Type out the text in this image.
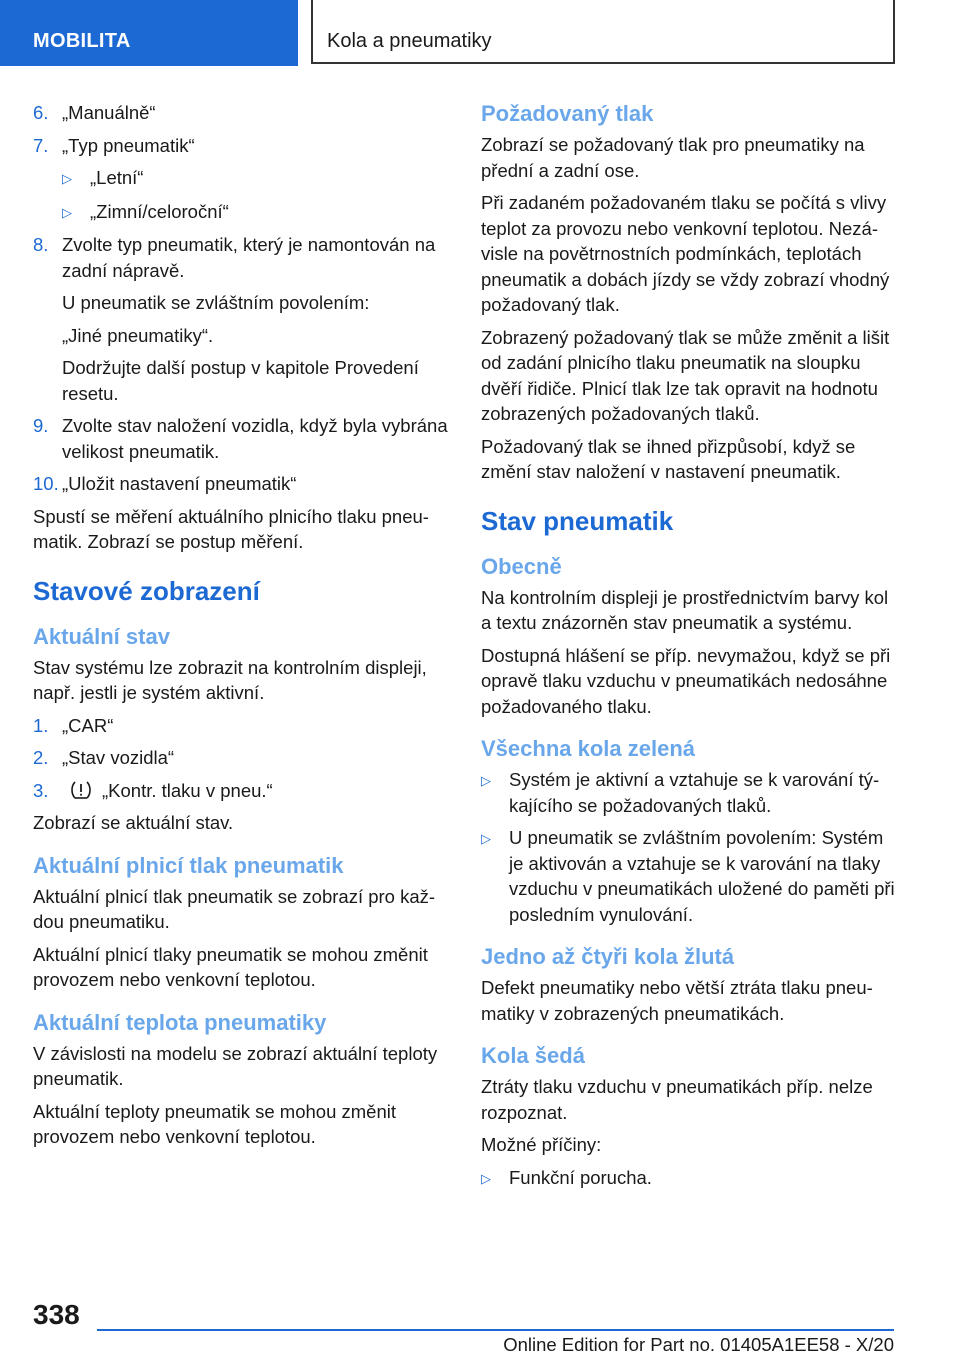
MOBILITA	Kola a pneumatiky
6. „Manuálně“
7. „Typ pneumatik“
▷ „Letní“
▷ „Zimní/celoroční“
8. Zvolte typ pneumatik, který je namontován na zadní nápravě.

U pneumatik se zvláštním povolením:

„Jiné pneumatiky“.

Dodržujte další postup v kapitole Provedení resetu.

9. Zvolte stav naložení vozidla, když byla vybrána velikost pneumatik.
10. „Uložit nastavení pneumatik“

Spustí se měření aktuálního plnicího tlaku pneumatik. Zobrazí se postup měření.

Stavové zobrazení
Aktuální stav

Stav systému lze zobrazit na kontrolním displeji, např. jestli je systém aktivní.

1. „CAR“
2. „Stav vozidla“
3.	„Kontr. tlaku v pneu.“

Zobrazí se aktuální stav.

Aktuální plnicí tlak pneumatik

Aktuální plnicí tlak pneumatik se zobrazí pro každou pneumatiku.

Aktuální plnicí tlaky pneumatik se mohou změnit provozem nebo venkovní teplotou.

Aktuální teplota pneumatiky

V závislosti na modelu se zobrazí aktuální teploty pneumatik.

Aktuální teploty pneumatik se mohou změnit provozem nebo venkovní teplotou.

Požadovaný tlak

Zobrazí se požadovaný tlak pro pneumatiky na přední a zadní ose.

Při zadaném požadovaném tlaku se počítá s vlivy teplot za provozu nebo venkovní teplotou. Nezávisle na povětrnostních podmínkách, teplotách pneumatik a dobách jízdy se vždy zobrazí vhodný požadovaný tlak.

Zobrazený požadovaný tlak se může změnit a lišit od zadání plnicího tlaku pneumatik na sloupku dvěří řidiče. Plnicí tlak lze tak opravit na hodnotu zobrazených požadovaných tlaků.

Požadovaný tlak se ihned přizpůsobí, když se změní stav naložení v nastavení pneumatik.

Stav pneumatik
Obecně

Na kontrolním displeji je prostřednictvím barvy kol a textu znázorněn stav pneumatik a systému.

Dostupná hlášení se příp. nevymažou, když se při opravě tlaku vzduchu v pneumatikách nedosáhne požadovaného tlaku.

Všechna kola zelená
▷ Systém je aktivní a vztahuje se k varování týkajícího se požadovaných tlaků.
▷ U pneumatik se zvláštním povolením: Systém je aktivován a vztahuje se k varování na tlaky vzduchu v pneumatikách uložené do paměti při posledním vynulování.
Jedno až čtyři kola žlutá

Defekt pneumatiky nebo větší ztráta tlaku pneumatiky v zobrazených pneumatikách.

Kola šedá

Ztráty tlaku vzduchu v pneumatikách příp. nelze rozpoznat.

Možné příčiny:

▷ Funkční porucha.
338
Online Edition for Part no. 01405A1EE58 - X/20
